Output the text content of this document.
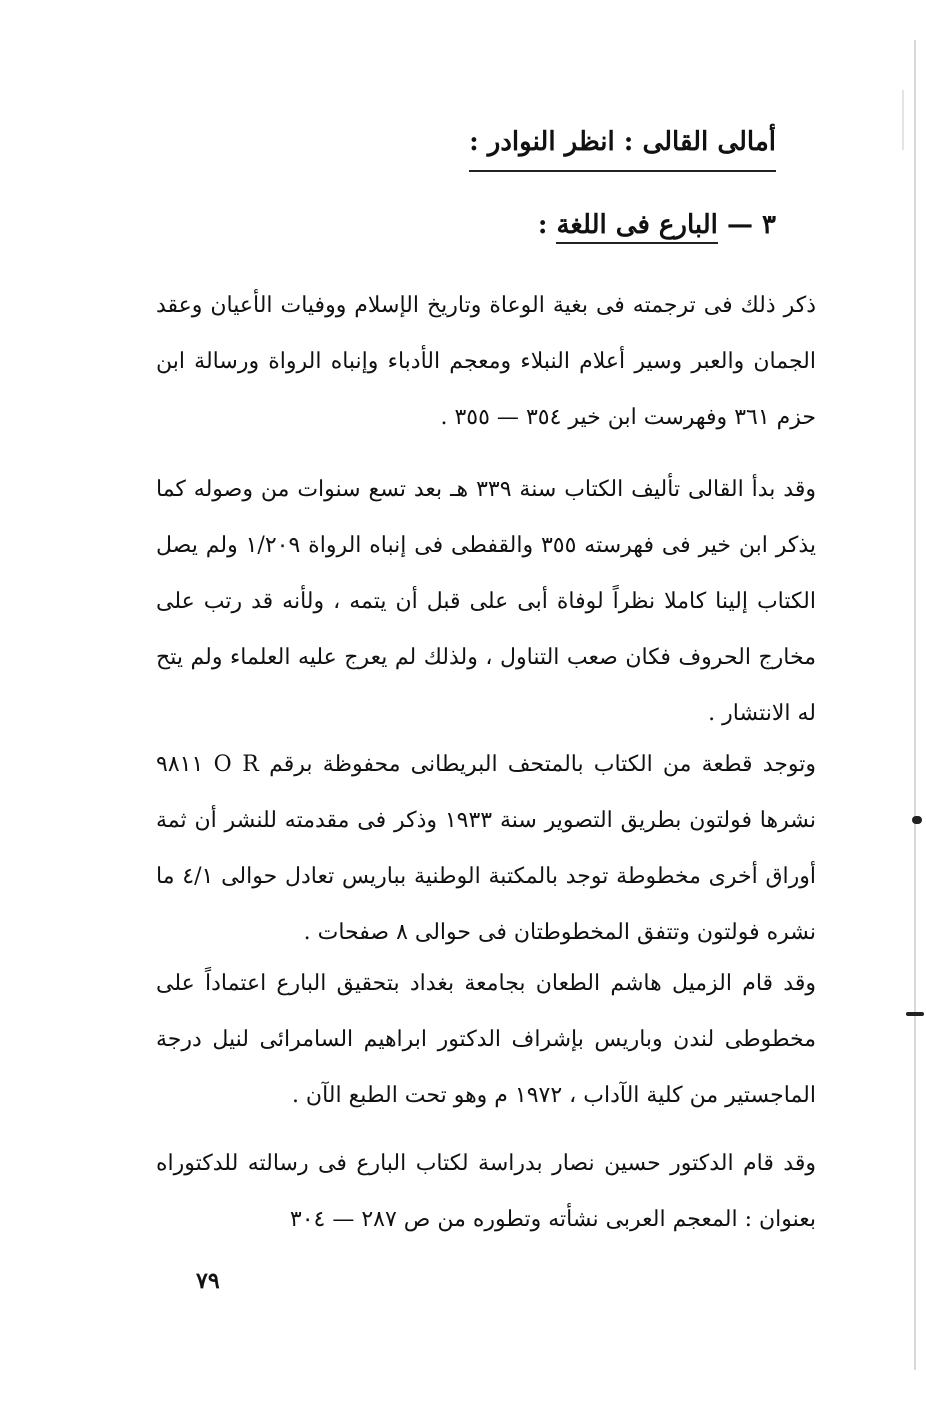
أمالى القالى : انظر النوادر :
٣ — البارع فى اللغة :

ذكر ذلك فى ترجمته فى بغية الوعاة وتاريخ الإسلام ووفيات الأعيان وعقد الجمان والعبر وسير أعلام النبلاء ومعجم الأدباء وإنباه الرواة ورسالة ابن حزم ٣٦١ وفهرست ابن خير ٣٥٤ — ٣٥٥ .

وقد بدأ القالى تأليف الكتاب سنة ٣٣٩ هـ بعد تسع سنوات من وصوله كما يذكر ابن خير فى فهرسته ٣٥٥ والقفطى فى إنباه الرواة ١/٢٠٩ ولم يصل الكتاب إلينا كاملا نظراً لوفاة أبى على قبل أن يتمه ، ولأنه قد رتب على مخارج الحروف فكان صعب التناول ، ولذلك لم يعرج عليه العلماء ولم يتح له الانتشار .

وتوجد قطعة من الكتاب بالمتحف البريطانى محفوظة برقم O R ٩٨١١ نشرها فولتون بطريق التصوير سنة ١٩٣٣ وذكر فى مقدمته للنشر أن ثمة أوراق أخرى مخطوطة توجد بالمكتبة الوطنية بباريس تعادل حوالى ٤/١ ما نشره فولتون وتتفق المخطوطتان فى حوالى ٨ صفحات .

وقد قام الزميل هاشم الطعان بجامعة بغداد بتحقيق البارع اعتماداً على مخطوطى لندن وباريس بإشراف الدكتور ابراهيم السامرائى لنيل درجة الماجستير من كلية الآداب ، ١٩٧٢ م وهو تحت الطبع الآن .

وقد قام الدكتور حسين نصار بدراسة لكتاب البارع فى رسالته للدكتوراه بعنوان : المعجم العربى نشأته وتطوره من ص ٢٨٧ — ٣٠٤

٧٩
